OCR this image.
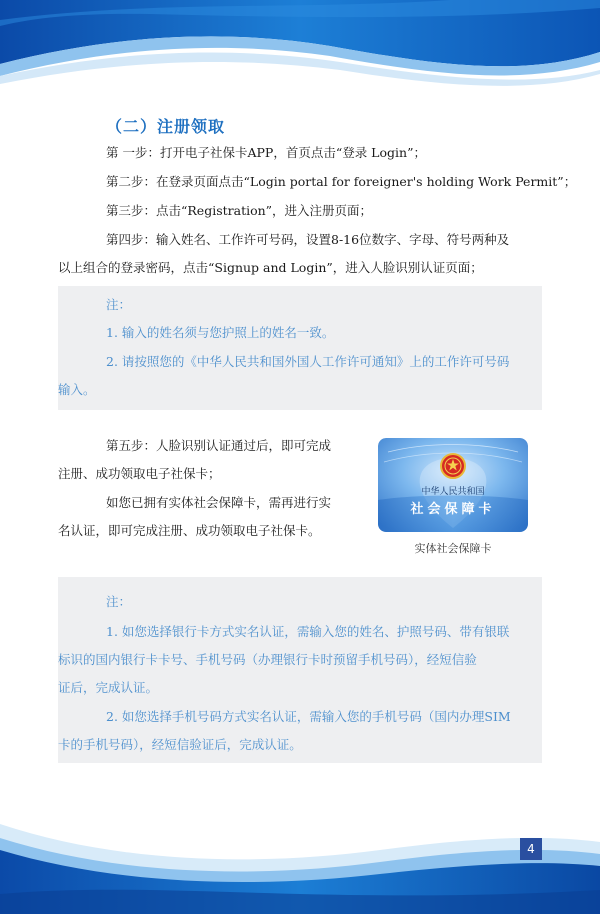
（二）注册领取
第 一步：打开电子社保卡APP，首页点击“登录 Login”；
第二步：在登录页面点击“Login portal for foreigner's holding Work Permit”；
第三步：点击“Registration”，进入注册页面；
第四步：输入姓名、工作许可号码，设置8-16位数字、字母、符号两种及
以上组合的登录密码，点击“Signup and Login”，进入人脸识别认证页面；
注：
1. 输入的姓名须与您护照上的姓名一致。
2. 请按照您的《中华人民共和国外国人工作许可通知》上的工作许可号码
输入。
第五步：人脸识别认证通过后，即可完成
注册、成功领取电子社保卡；
如您已拥有实体社会保障卡，需再进行实
名认证，即可完成注册、成功领取电子社保卡。
中华人民共和国
社会保障卡
实体社会保障卡
注：
1. 如您选择银行卡方式实名认证，需输入您的姓名、护照号码、带有银联
标识的国内银行卡卡号、手机号码（办理银行卡时预留手机号码），经短信验
证后，完成认证。
2. 如您选择手机号码方式实名认证，需输入您的手机号码（国内办理SIM
卡的手机号码），经短信验证后，完成认证。
4
